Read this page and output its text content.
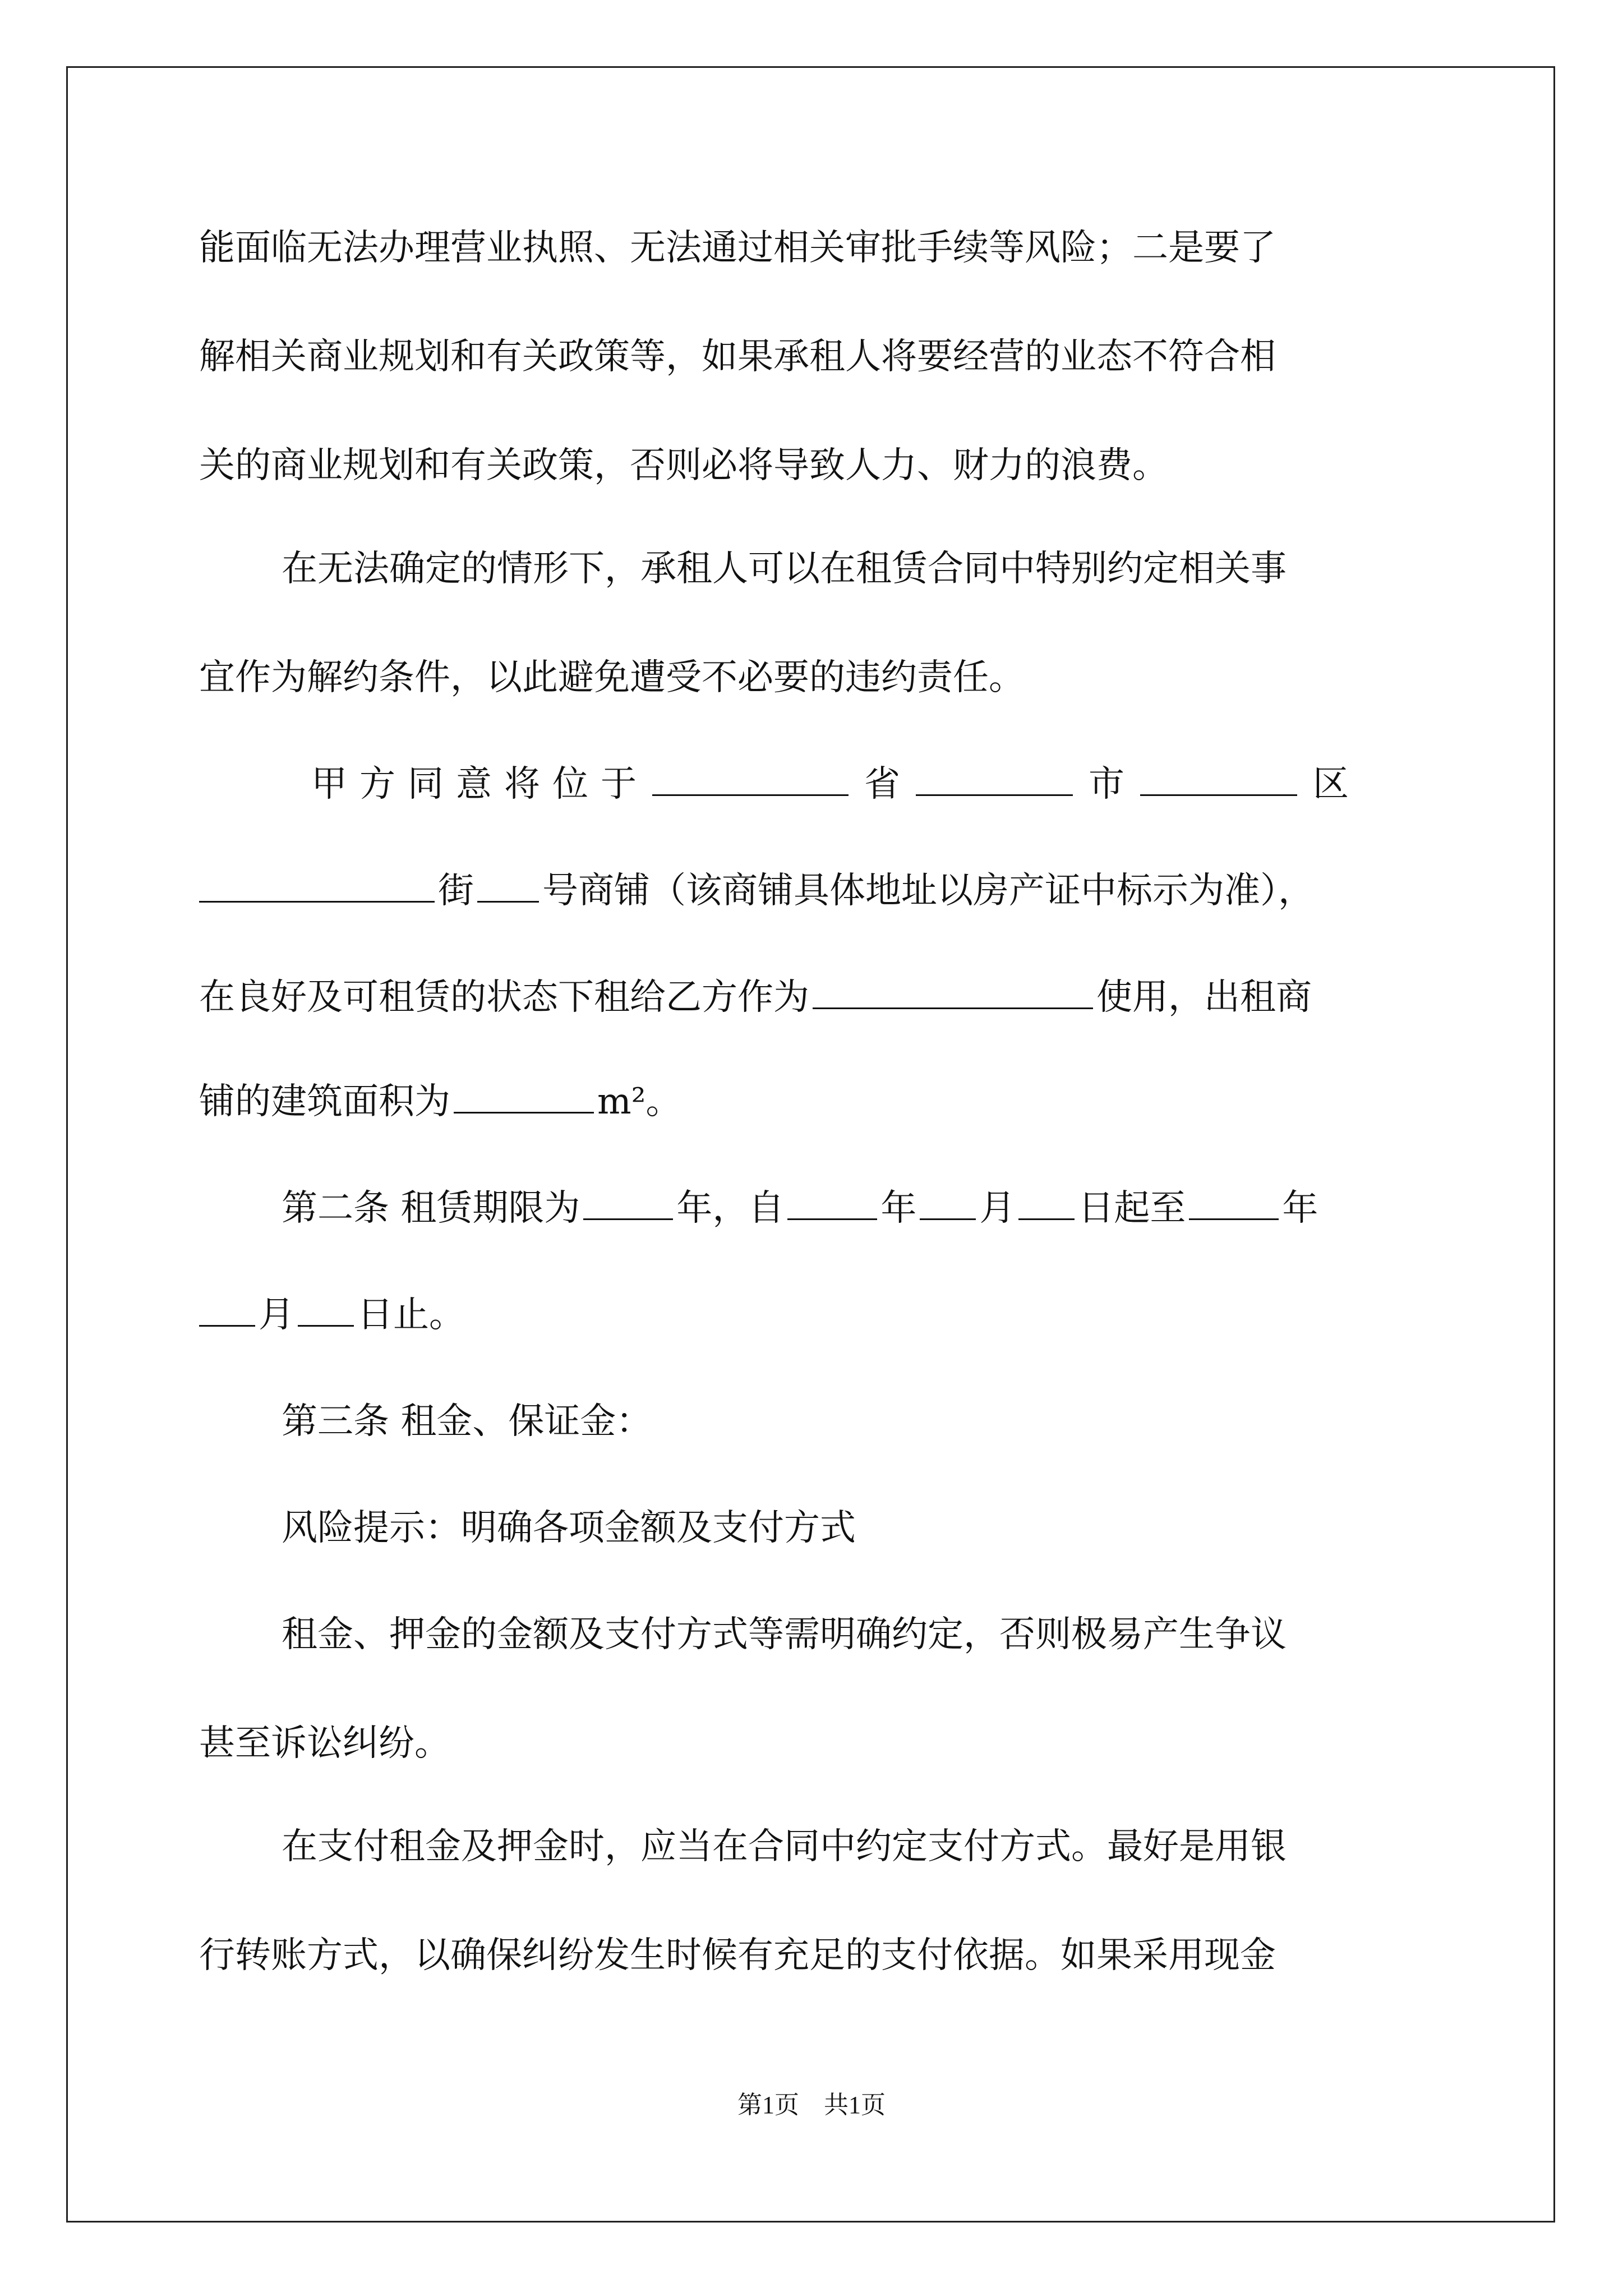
能面临无法办理营业执照、无法通过相关审批手续等风险；二是要了
解相关商业规划和有关政策等，如果承租人将要经营的业态不符合相
关的商业规划和有关政策，否则必将导致人力、财力的浪费。
在无法确定的情形下，承租人可以在租赁合同中特别约定相关事
宜作为解约条件，以此避免遭受不必要的违约责任。
甲方同意将位于	省	市	区
街 号商铺（该商铺具体地址以房产证中标示为准），
在良好及可租赁的状态下租给乙方作为	使用，出租商
铺的建筑面积为	m²。
第二条 租赁期限为	年，自	年 月 日起至	年
月 日止。
第三条 租金、保证金：
风险提示：明确各项金额及支付方式
租金、押金的金额及支付方式等需明确约定，否则极易产生争议
甚至诉讼纠纷。
在支付租金及押金时，应当在合同中约定支付方式。最好是用银
行转账方式，以确保纠纷发生时候有充足的支付依据。如果采用现金
第1页　共1页
